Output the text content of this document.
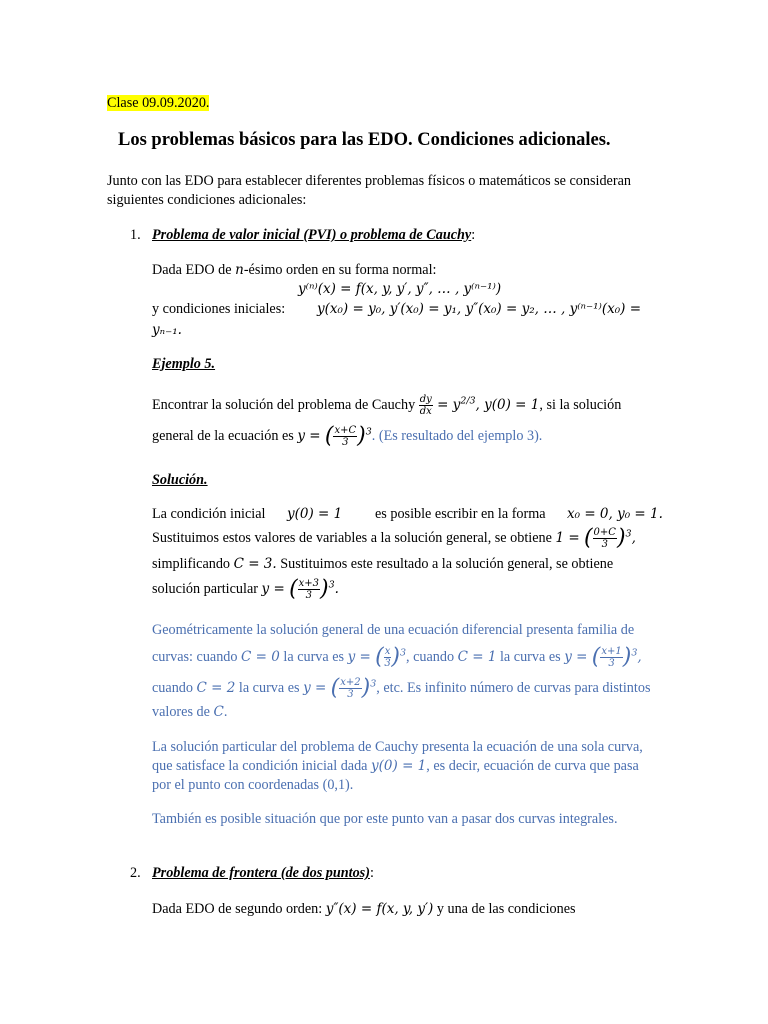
Clase 09.09.2020.
Los problemas básicos para las EDO. Condiciones adicionales.
Junto con las EDO para establecer diferentes problemas físicos o matemáticos se consideran
siguientes condiciones adicionales:
1. Problema de valor inicial (PVI) o problema de Cauchy:
Dada EDO de n-ésimo orden en su forma normal:
y⁽ⁿ⁾(x) = f(x, y, y′, y″, … , y⁽ⁿ⁻¹⁾)
y condiciones iniciales: y(x₀) = y₀, y′(x₀) = y₁, y″(x₀) = y₂, … , y⁽ⁿ⁻¹⁾(x₀) =
yₙ₋₁.
Ejemplo 5.
Encontrar la solución del problema de Cauchy $\frac{dy}{dx} = y^{2/3}$, y(0) = 1, si la solución
general de la ecuación es y = ( $\frac{x+C}{3} )^3$. (Es resultado del ejemplo 3).
Solución.
La condición inicial y(0) = 1 es posible escribir en la forma x₀ = 0, y₀ = 1.
Sustituimos estos valores de variables a la solución general, se obtiene 1 = ( $\frac{0+C}{3} )^3$,
simplificando C = 3. Sustituimos este resultado a la solución general, se obtiene
solución particular y = ( $\frac{x+3}{3} )^3$.
Geométricamente la solución general de una ecuación diferencial presenta familia de
curvas: cuando C = 0 la curva es y = ( $\frac{x}{3} )^3$, cuando C = 1 la curva es y = ( $\frac{x+1}{3} )^3$,
cuando C = 2 la curva es y = ( $\frac{x+2}{3} )^3$, etc. Es infinito número de curvas para distintos
valores de C.
La solución particular del problema de Cauchy presenta la ecuación de una sola curva,
que satisface la condición inicial dada y(0) = 1, es decir, ecuación de curva que pasa
por el punto con coordenadas (0,1).
También es posible situación que por este punto van a pasar dos curvas integrales.
2. Problema de frontera (de dos puntos):
Dada EDO de segundo orden: y″(x) = f(x, y, y′) y una de las condiciones
